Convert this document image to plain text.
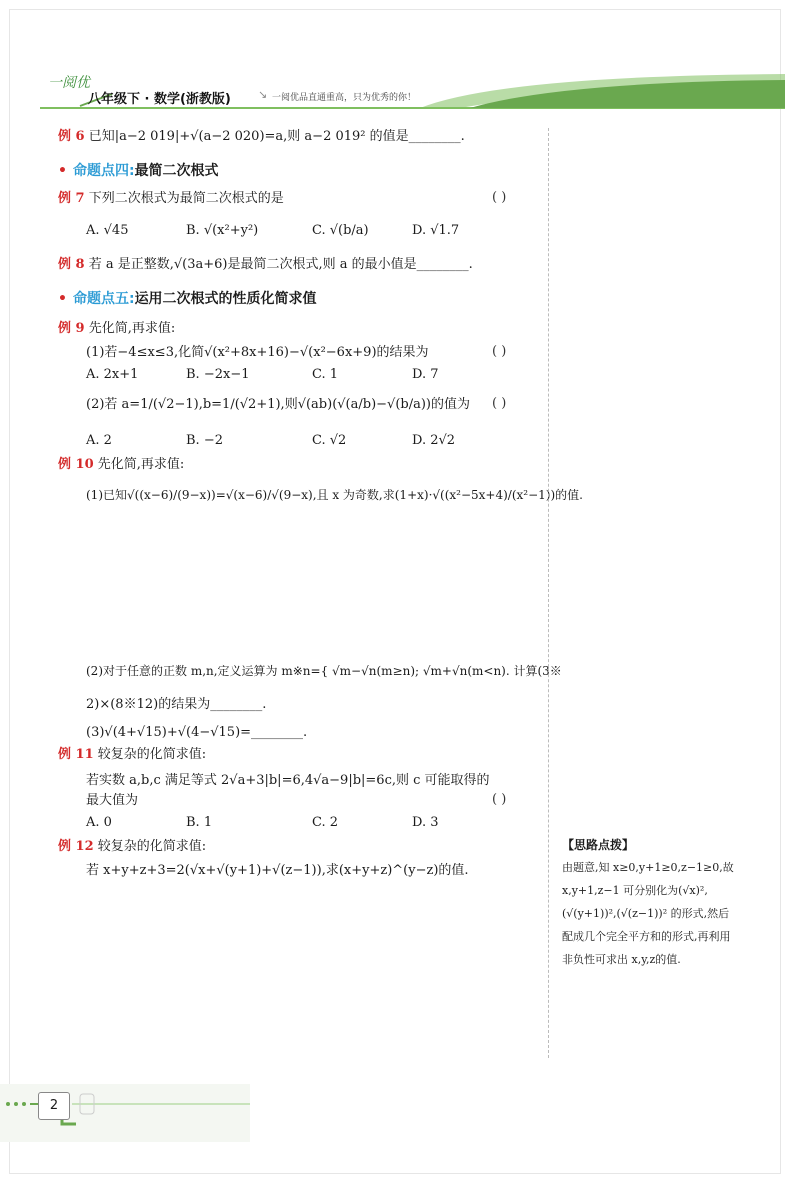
一阅优
八年级下 · 数学(浙教版) ↘ 一阅优品直通重高，只为优秀的你！
例 6 已知|a−2 019|+√(a−2 020)=a,则 a−2 019² 的值是________.
• 命题点四:最简二次根式
例 7 下列二次根式为最简二次根式的是	( )
A. √45	B. √(x²+y²)	C. √(b/a)	D. √1.7
例 8 若 a 是正整数,√(3a+6)是最简二次根式,则 a 的最小值是________.
• 命题点五:运用二次根式的性质化简求值
例 9 先化简,再求值:
(1)若−4≤x≤3,化简√(x²+8x+16)−√(x²−6x+9)的结果为	( )
A. 2x+1	B. −2x−1	C. 1	D. 7
(2)若 a=1/(√2−1),b=1/(√2+1),则√(ab)(√(a/b)−√(b/a))的值为 ( )
A. 2	B. −2	C. √2	D. 2√2
例 10 先化简,再求值:
(1)已知√((x−6)/(9−x))=√(x−6)/√(9−x),且 x 为奇数,求(1+x)·√((x²−5x+4)/(x²−1))的值.
(2)对于任意的正数 m,n,定义运算为 m※n={ √m−√n(m≥n); √m+√n(m<n). 计算(3※
2)×(8※12)的结果为________.
(3)√(4+√15)+√(4−√15)=________.
例 11 较复杂的化简求值:
若实数 a,b,c 满足等式 2√a+3|b|=6,4√a−9|b|=6c,则 c 可能取得的
最大值为	( )
A. 0	B. 1	C. 2	D. 3
例 12 较复杂的化简求值:
若 x+y+z+3=2(√x+√(y+1)+√(z−1)),求(x+y+z)^(y−z)的值.
【思路点拨】
由题意,知 x≥0,y+1≥0,z−1≥0,故 x,y+1,z−1 可分别化为(√x)²,(√(y+1))²,(√(z−1))² 的形式,然后配成几个完全平方和的形式,再利用非负性可求出 x,y,z的值.
2
